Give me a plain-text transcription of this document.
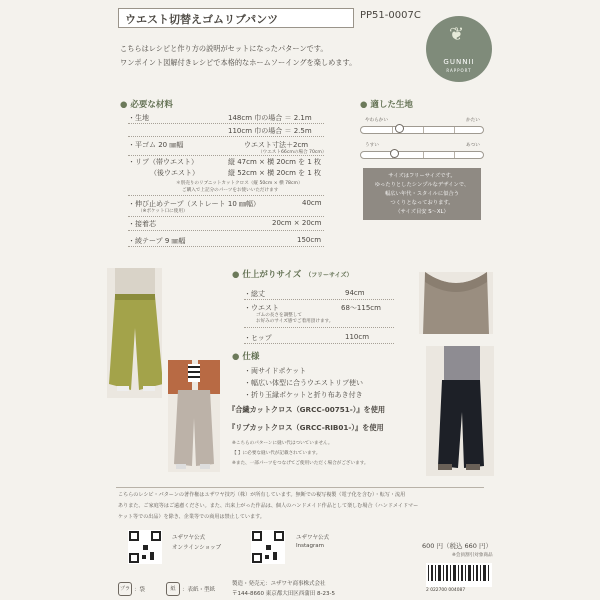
ウエスト切替えゴムリブパンツ	PP51-0007C
❦
GUNNII
RAPPORT
こちらはレシピと作り方の説明がセットになったパターンです。
ワンポイント図解付きレシピで本格的なホームソーイングを楽しめます。
● 必要な材料
・生地	148cm 巾の場合 ＝ 2.1m
110cm 巾の場合 ＝ 2.5m
・平ゴム 20 ㎜幅	ウエスト寸法＋2cm
（ウエスト66cmの場合 70cm）
・リブ（帯ウエスト）	縦 47cm × 横 20cm を 1 枚
（後ウエスト）	縦 52cm × 横 20cm を 1 枚
＊別売りのリブニットカットクロス（縦 50cm × 横 78cm）
ご購入で上記分のパーツをお使いいただけます
・伸び止めテープ（ストレート 10 ㎜幅）	40cm
（※ポケット口に使用）
・接着芯	20cm × 20cm
・綾テープ 9 ㎜幅	150cm
● 適した生地
やわらかい	かたい
うすい	あつい
サイズはフリーサイズです。
ゆったりとしたシンプルなデザインで、
幅広い年代・スタイルに似合う
つくりとなっております。
（サイズ目安 S～XL）
● 仕上がりサイズ （フリーサイズ）
・総丈	94cm
・ウエスト	68～115cm
ゴムの長さを調整して
お好みのサイズ感でご着用頂けます。
・ヒップ	110cm
● 仕様
・両サイドポケット
・幅広い体型に合うウエストリブ使い
・折り玉縁ポケットと折り布あき付き
『合繊カットクロス（GRCC-00751-）』を使用
『リブカットクロス（GRCC-RIB01-）』を使用
※こちらのパターンに縫い代はついていません。
【 】に必要な縫い代が記載されています。
※また、一部パーツをつなげてご使用いただく場合がございます。
こちらのレシピ・パターンの著作権はユザワヤ技巧（株）が所有しています。無断での複写複製（電子化を含む）・転写・流用
ありまた、ご家庭等はご遠慮ください。また、出来上がった作品は、個人のハンドメイド作品として楽しむ場合（ハンドメイドマー
ケット等での出品）を除き、企業等での商用は禁止しています。
ユザワヤ公式
オンラインショップ
ユザワヤ公式
Instagram	600 円（税込 660 円）
※会員割引対象商品
プラ ：袋	紙	：表紙・型紙
製造・発売元：ユザワヤ商事株式会社
〒144-8660 東京都大田区西蒲田 8-23-5
2 022700 004087
